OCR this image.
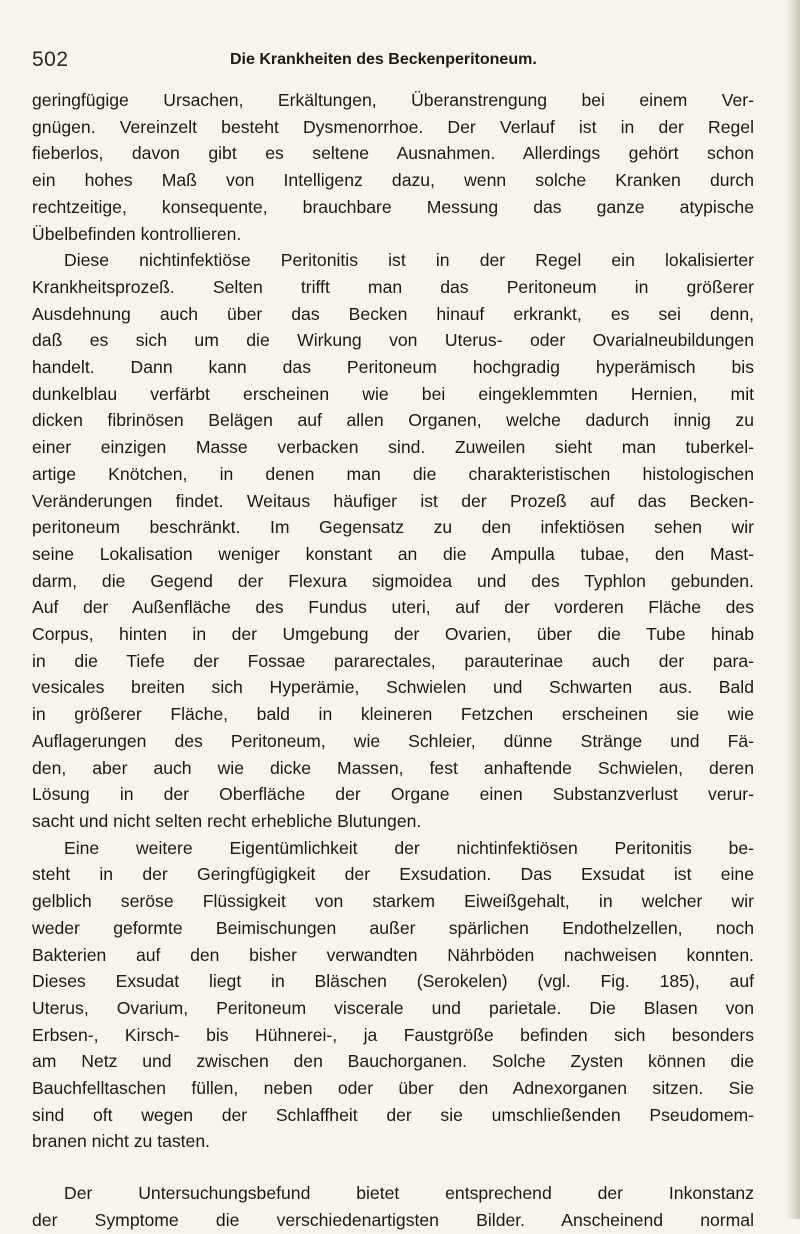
502	Die Krankheiten des Beckenperitoneum.
geringfügige Ursachen, Erkältungen, Überanstrengung bei einem Ver-
gnügen. Vereinzelt besteht Dysmenorrhoe. Der Verlauf ist in der Regel
fieberlos, davon gibt es seltene Ausnahmen. Allerdings gehört schon
ein hohes Maß von Intelligenz dazu, wenn solche Kranken durch
rechtzeitige, konsequente, brauchbare Messung das ganze atypische
Übelbefinden kontrollieren.
Diese nichtinfektiöse Peritonitis ist in der Regel ein lokalisierter
Krankheitsprozeß. Selten trifft man das Peritoneum in größerer
Ausdehnung auch über das Becken hinauf erkrankt, es sei denn,
daß es sich um die Wirkung von Uterus- oder Ovarialneubildungen
handelt. Dann kann das Peritoneum hochgradig hyperämisch bis
dunkelblau verfärbt erscheinen wie bei eingeklemmten Hernien, mit
dicken fibrinösen Belägen auf allen Organen, welche dadurch innig zu
einer einzigen Masse verbacken sind. Zuweilen sieht man tuberkel-
artige Knötchen, in denen man die charakteristischen histologischen
Veränderungen findet. Weitaus häufiger ist der Prozeß auf das Becken-
peritoneum beschränkt. Im Gegensatz zu den infektiösen sehen wir
seine Lokalisation weniger konstant an die Ampulla tubae, den Mast-
darm, die Gegend der Flexura sigmoidea und des Typhlon gebunden.
Auf der Außenfläche des Fundus uteri, auf der vorderen Fläche des
Corpus, hinten in der Umgebung der Ovarien, über die Tube hinab
in die Tiefe der Fossae pararectales, parauterinae auch der para-
vesicales breiten sich Hyperämie, Schwielen und Schwarten aus. Bald
in größerer Fläche, bald in kleineren Fetzchen erscheinen sie wie
Auflagerungen des Peritoneum, wie Schleier, dünne Stränge und Fä-
den, aber auch wie dicke Massen, fest anhaftende Schwielen, deren
Lösung in der Oberfläche der Organe einen Substanzverlust verur-
sacht und nicht selten recht erhebliche Blutungen.
Eine weitere Eigentümlichkeit der nichtinfektiösen Peritonitis be-
steht in der Geringfügigkeit der Exsudation. Das Exsudat ist eine
gelblich seröse Flüssigkeit von starkem Eiweißgehalt, in welcher wir
weder geformte Beimischungen außer spärlichen Endothelzellen, noch
Bakterien auf den bisher verwandten Nährböden nachweisen konnten.
Dieses Exsudat liegt in Bläschen (Serokelen) (vgl. Fig. 185), auf
Uterus, Ovarium, Peritoneum viscerale und parietale. Die Blasen von
Erbsen-, Kirsch- bis Hühnerei-, ja Faustgröße befinden sich besonders
am Netz und zwischen den Bauchorganen. Solche Zysten können die
Bauchfelltaschen füllen, neben oder über den Adnexorganen sitzen. Sie
sind oft wegen der Schlaffheit der sie umschließenden Pseudomem-
branen nicht zu tasten.
Der Untersuchungsbefund bietet entsprechend der Inkonstanz
der Symptome die verschiedenartigsten Bilder. Anscheinend normal
